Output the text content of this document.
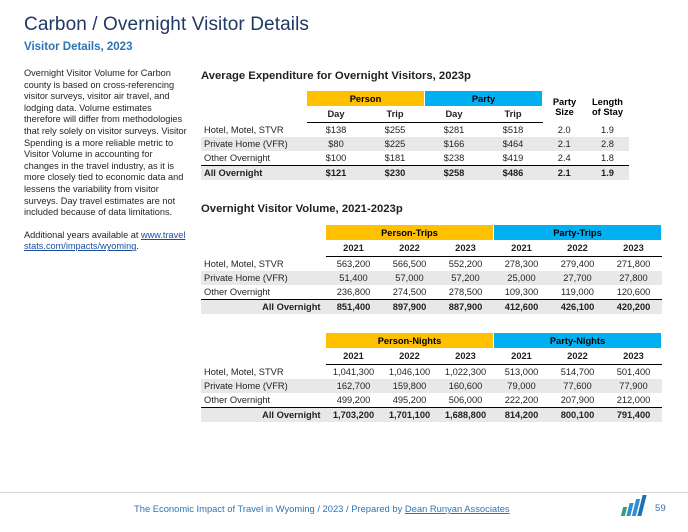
Carbon / Overnight Visitor Details
Visitor Details, 2023

Overnight Visitor Volume for Carbon county is based on cross-referencing visitor surveys, visitor air travel, and lodging data. Volume estimates therefore will differ from methodologies that rely solely on visitor surveys. Visitor Spending is a more reliable metric to Visitor Volume in accounting for changes in the travel industry, as it is more closely tied to economic data and lessens the variability from visitor surveys. Day travel estimates are not included because of data limitations.

Additional years available at www.travelstats.com/impacts/wyoming.

Average Expenditure for Overnight Visitors, 2023p
	Person		Party		Party
Size	Length
of Stay

	Day	Trip	Day	Trip		
Hotel, Motel, STVR	$138	$255	$281	$518	2.0	1.9
Private Home (VFR)	$80	$225	$166	$464	2.1	2.8
Other Overnight	$100	$181	$238	$419	2.4	1.8
All Overnight	$121	$230	$258	$486	2.1	1.9
Overnight Visitor Volume, 2021-2023p
	Person-Trips			Party-Trips		
	2021	2022	2023	2021	2022	2023
Hotel, Motel, STVR	563,200	566,500	552,200	278,300	279,400	271,800
Private Home (VFR)	51,400	57,000	57,200	25,000	27,700	27,800
Other Overnight	236,800	274,500	278,500	109,300	119,000	120,600
All Overnight	851,400	897,900	887,900	412,600	426,100	420,200
	Person-Nights			Party-Nights		
	2021	2022	2023	2021	2022	2023
Hotel, Motel, STVR	1,041,300	1,046,100	1,022,300	513,000	514,700	501,400
Private Home (VFR)	162,700	159,800	160,600	79,000	77,600	77,900
Other Overnight	499,200	495,200	506,000	222,200	207,900	212,000
All Overnight	1,703,200	1,701,100	1,688,800	814,200	800,100	791,400
The Economic Impact of Travel in Wyoming / 2023 / Prepared by Dean Runyan Associates	59
